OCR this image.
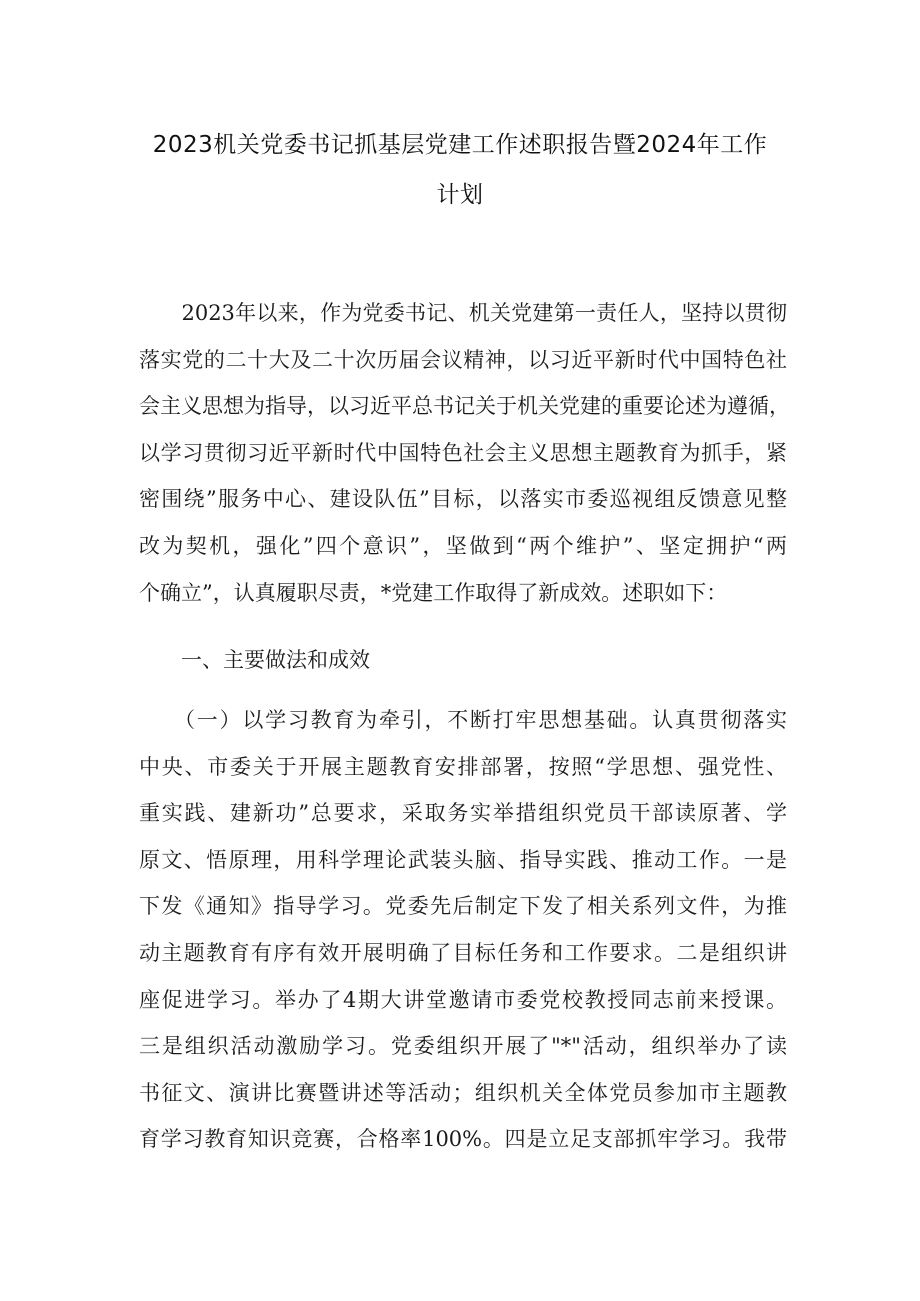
2023机关党委书记抓基层党建工作述职报告暨2024年工作
计划
　　2023年以来，作为党委书记、机关党建第一责任人，坚持以贯彻
落实党的二十大及二十次历届会议精神，以习近平新时代中国特色社
会主义思想为指导，以习近平总书记关于机关党建的重要论述为遵循，
以学习贯彻习近平新时代中国特色社会主义思想主题教育为抓手，紧
密围绕”服务中心、建设队伍”目标，以落实市委巡视组反馈意见整
改为契机，强化”四个意识”，坚做到“两个维护”、坚定拥护“两
个确立”，认真履职尽责，*党建工作取得了新成效。述职如下：
　　一、主要做法和成效
　　（一）以学习教育为牵引，不断打牢思想基础。认真贯彻落实
中央、市委关于开展主题教育安排部署，按照“学思想、强党性、
重实践、建新功”总要求，采取务实举措组织党员干部读原著、学
原文、悟原理，用科学理论武装头脑、指导实践、推动工作。一是
下发《通知》指导学习。党委先后制定下发了相关系列文件，为推
动主题教育有序有效开展明确了目标任务和工作要求。二是组织讲
座促进学习。举办了4期大讲堂邀请市委党校教授同志前来授课。
三是组织活动激励学习。党委组织开展了"*"活动，组织举办了读
书征文、演讲比赛暨讲述等活动；组织机关全体党员参加市主题教
育学习教育知识竞赛，合格率100%。四是立足支部抓牢学习。我带
